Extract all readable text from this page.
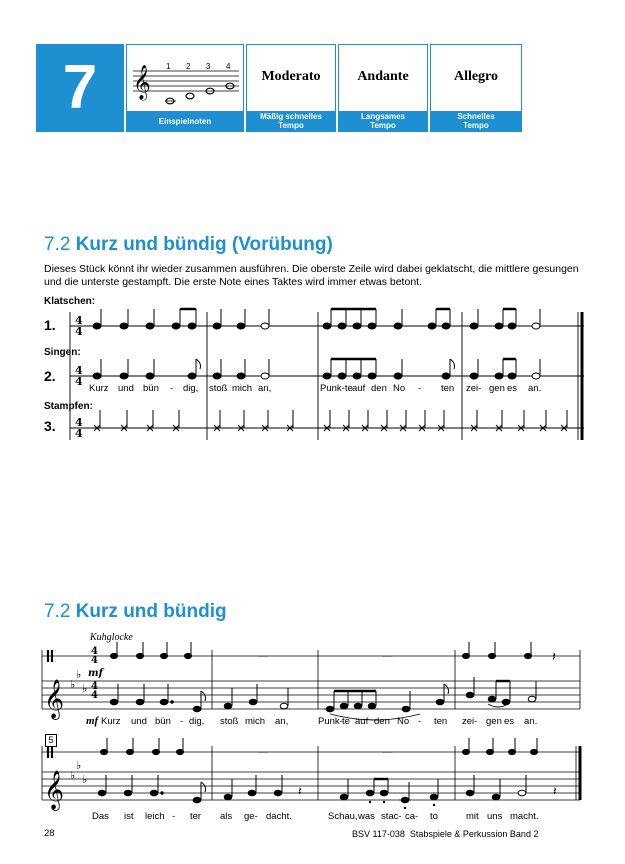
7	𝄞 1 2 3 4
Einspielnoten
Moderato
Mäßig schnelles Tempo
Andante
Langsames Tempo
Allegro
Schnelles Tempo
7.2 Kurz und bündig (Vorübung)
Dieses Stück könnt ihr wieder zusammen ausführen. Die oberste Zeile wird dabei geklatscht, die mittlere gesungen und die unterste gestampft. Die erste Note eines Taktes wird immer etwas betont.
Klatschen:
1.
Singen:
2.
Stampfen:
3.
4
4
4
4
4
4
Kurz und bün - dig, stoß mich an,	Punk-te auf den No - ten zei- gen es an.
7.2 Kurz und bündig
Kuhglocke
𝄞 ♭
♭
♭
4
4
4
4
mf
𝄖	𝄖	𝄽
mf Kurz und bün - dig, stoß mich an,	Punk- te auf den No - ten zei- gen es an.
5
𝄞 ♭
♭
♭
𝄖	𝄖
𝄽	𝄽
Das ist leich - ter als ge- dacht.	Schau, was stac- ca- to	mit uns macht.
28	BSV 117-038  Stabspiele & Perkussion Band 2
